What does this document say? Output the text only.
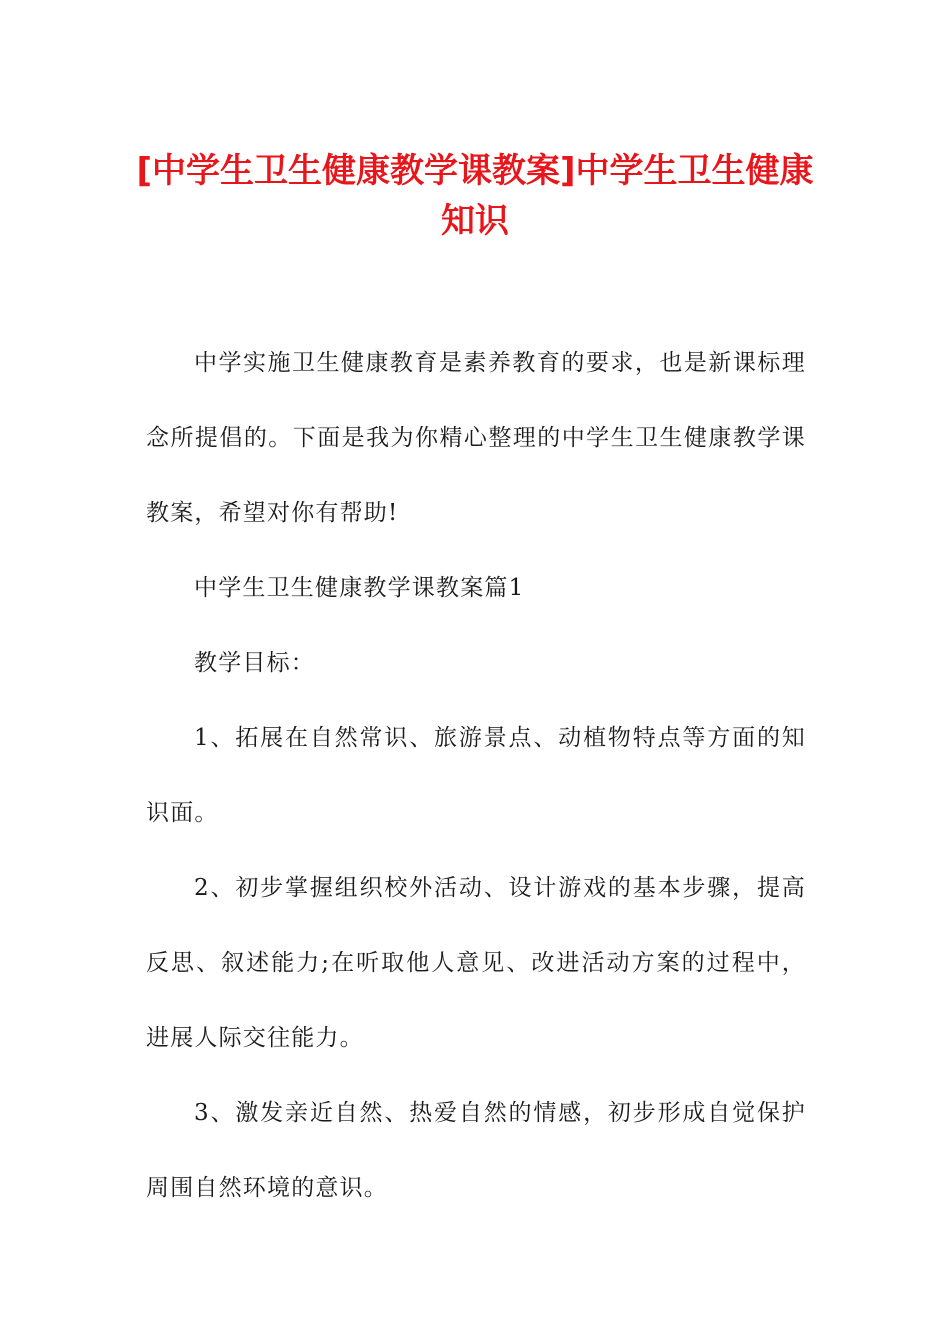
[中学生卫生健康教学课教案]中学生卫生健康知识

中学实施卫生健康教育是素养教育的要求，也是新课标理念所提倡的。下面是我为你精心整理的中学生卫生健康教学课教案，希望对你有帮助!

中学生卫生健康教学课教案篇1

教学目标：

1、拓展在自然常识、旅游景点、动植物特点等方面的知识面。

2、初步掌握组织校外活动、设计游戏的基本步骤，提高反思、叙述能力;在听取他人意见、改进活动方案的过程中，进展人际交往能力。

3、激发亲近自然、热爱自然的情感，初步形成自觉保护周围自然环境的意识。
